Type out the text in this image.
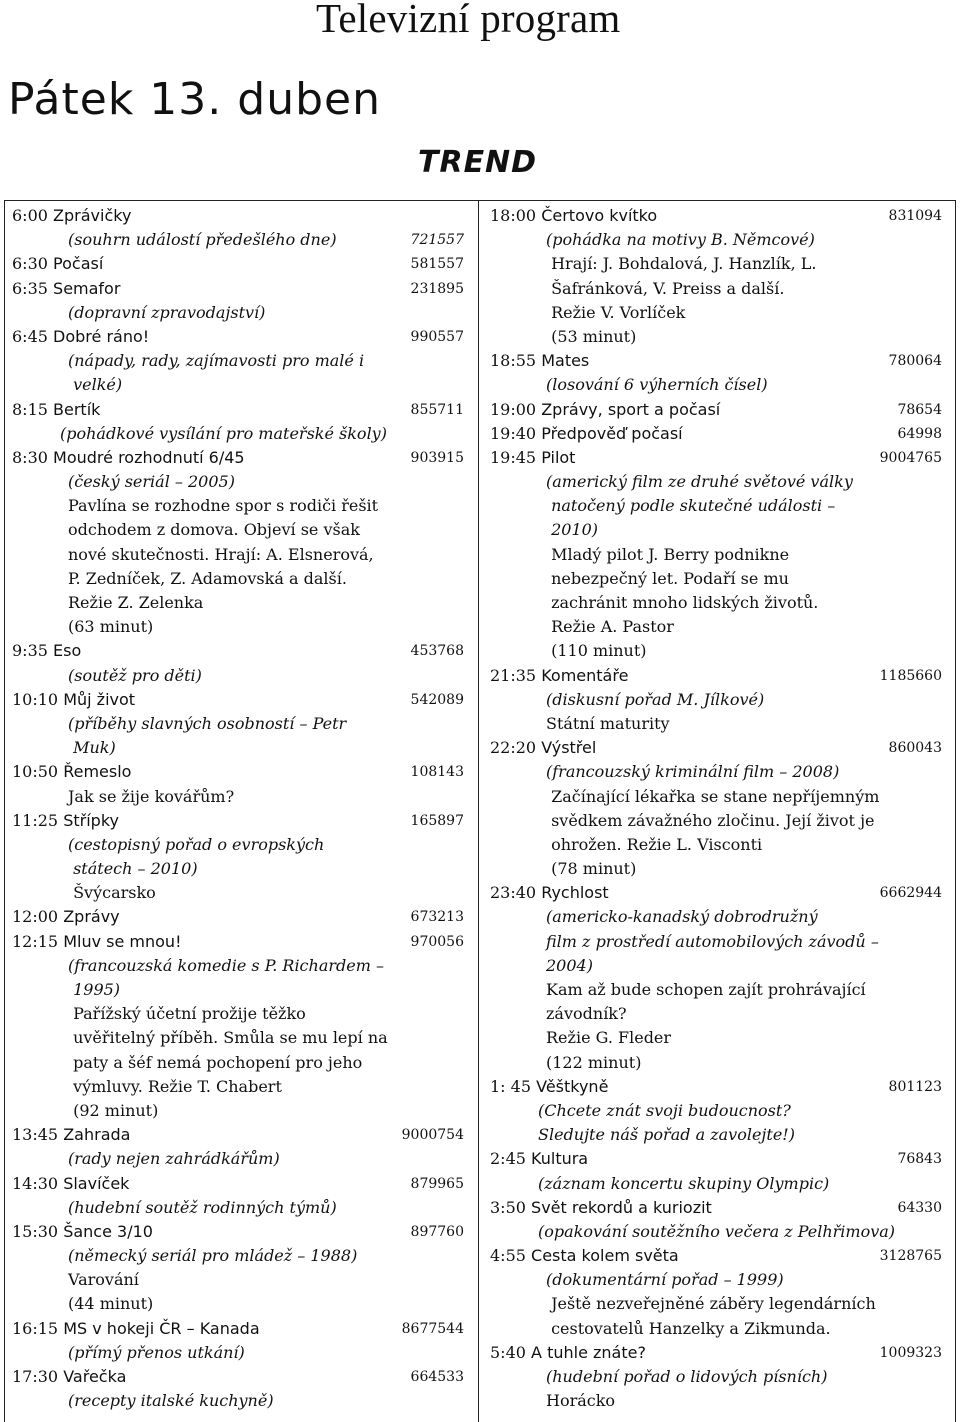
Televizní program
Pátek 13. duben
TREND
6:00 Zprávičky
(souhrn událostí předešlého dne)	721557
6:30 Počasí	581557
6:35 Semafor	231895
(dopravní zpravodajství)
6:45 Dobré ráno!	990557
(nápady, rady, zajímavosti pro malé i
velké)
8:15 Bertík	855711
(pohádkové vysílání pro mateřské školy)
8:30 Moudré rozhodnutí 6/45	903915
(český seriál – 2005)
Pavlína se rozhodne spor s rodiči řešit
odchodem z domova. Objeví se však
nové skutečnosti. Hrají: A. Elsnerová,
P. Zedníček, Z. Adamovská a další.
Režie Z. Zelenka
(63 minut)
9:35 Eso	453768
(soutěž pro děti)
10:10 Můj život	542089
(příběhy slavných osobností – Petr
Muk)
10:50 Řemeslo	108143
Jak se žije kovářům?
11:25 Střípky	165897
(cestopisný pořad o evropských
státech – 2010)
Švýcarsko
12:00 Zprávy	673213
12:15 Mluv se mnou!	970056
(francouzská komedie s P. Richardem –
1995)
Pařížský účetní prožije těžko
uvěřitelný příběh. Smůla se mu lepí na
paty a šéf nemá pochopení pro jeho
výmluvy. Režie T. Chabert
(92 minut)
13:45 Zahrada	9000754
(rady nejen zahrádkářům)
14:30 Slavíček	879965
(hudební soutěž rodinných týmů)
15:30 Šance 3/10	897760
(německý seriál pro mládež – 1988)
Varování
(44 minut)
16:15 MS v hokeji ČR – Kanada	8677544
(přímý přenos utkání)
17:30 Vařečka	664533
(recepty italské kuchyně)
18:00 Čertovo kvítko	831094
(pohádka na motivy B. Němcové)
Hrají: J. Bohdalová, J. Hanzlík, L.
Šafránková, V. Preiss a další.
Režie V. Vorlíček
(53 minut)
18:55 Mates	780064
(losování 6 výherních čísel)
19:00 Zprávy, sport a počasí	78654
19:40 Předpověď počasí	64998
19:45 Pilot	9004765
(americký film ze druhé světové války
natočený podle skutečné události –
2010)
Mladý pilot J. Berry podnikne
nebezpečný let. Podaří se mu
zachránit mnoho lidských životů.
Režie A. Pastor
(110 minut)
21:35 Komentáře	1185660
(diskusní pořad M. Jílkové)
Státní maturity
22:20 Výstřel	860043
(francouzský kriminální film – 2008)
Začínající lékařka se stane nepříjemným
svědkem závažného zločinu. Její život je
ohrožen. Režie L. Visconti
(78 minut)
23:40 Rychlost	6662944
(americko-kanadský dobrodružný
film z prostředí automobilových závodů –
2004)
Kam až bude schopen zajít prohrávající
závodník?
Režie G. Fleder
(122 minut)
1: 45 Věštkyně	801123
(Chcete znát svoji budoucnost?
Sledujte náš pořad a zavolejte!)
2:45 Kultura	76843
(záznam koncertu skupiny Olympic)
3:50 Svět rekordů a kuriozit	64330
(opakování soutěžního večera z Pelhřimova)
4:55 Cesta kolem světa	3128765
(dokumentární pořad – 1999)
Ještě nezveřejněné záběry legendárních
cestovatelů Hanzelky a Zikmunda.
5:40 A tuhle znáte?	1009323
(hudební pořad o lidových písních)
Horácko
